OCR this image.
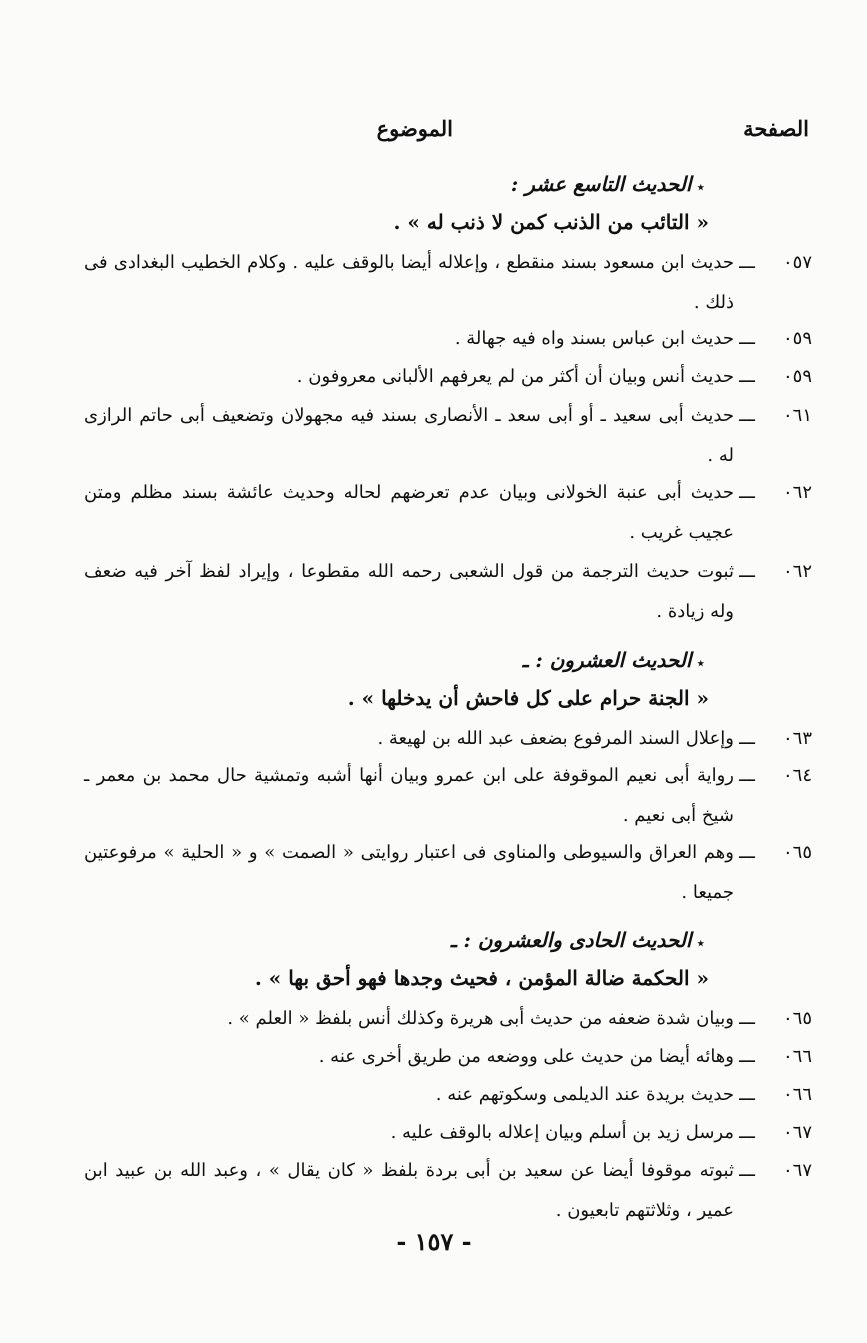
الصفحة
الموضوع
٭الحديث التاسع عشر :
« التائب من الذنب كمن لا ذنب له » .
٠٥٧
ـــ
حديث ابن مسعود بسند منقطع ، وإعلاله أيضا بالوقف عليه . وكلام الخطيب البغدادى فى ذلك .
٠٥٩
ـــ
حديث ابن عباس بسند واه فيه جهالة .
٠٥٩
ـــ
حديث أنس وبيان أن أكثر من لم يعرفهم الألبانى معروفون .
٠٦١
ـــ
حديث أبى سعيد ـ أو أبى سعد ـ الأنصارى بسند فيه مجهولان وتضعيف أبى حاتم الرازى له .
٠٦٢
ـــ
حديث أبى عنبة الخولانى وبيان عدم تعرضهم لحاله وحديث عائشة بسند مظلم ومتن عجيب غريب .
٠٦٢
ـــ
ثبوت حديث الترجمة من قول الشعبى رحمه الله مقطوعا ، وإيراد لفظ آخر فيه ضعف وله زيادة .
٭الحديث العشرون : ـ
« الجنة حرام على كل فاحش أن يدخلها » .
٠٦٣
ـــ
وإعلال السند المرفوع بضعف عبد الله بن لهيعة .
٠٦٤
ـــ
رواية أبى نعيم الموقوفة على ابن عمرو وبيان أنها أشبه وتمشية حال محمد بن معمر ـ شيخ أبى نعيم .
٠٦٥
ـــ
وهم العراق والسيوطى والمناوى فى اعتبار روايتى « الصمت » و « الحلية » مرفوعتين جميعا .
٭الحديث الحادى والعشرون : ـ
« الحكمة ضالة المؤمن ، فحيث وجدها فهو أحق بها » .
٠٦٥
ـــ
وبيان شدة ضعفه من حديث أبى هريرة وكذلك أنس بلفظ « العلم » .
٠٦٦
ـــ
وهائه أيضا من حديث على ووضعه من طريق أخرى عنه .
٠٦٦
ـــ
حديث بريدة عند الديلمى وسكوتهم عنه .
٠٦٧
ـــ
مرسل زيد بن أسلم وبيان إعلاله بالوقف عليه .
٠٦٧
ـــ
ثبوته موقوفا أيضا عن سعيد بن أبى بردة بلفظ « كان يقال » ، وعبد الله بن عبيد ابن عمير ، وثلاثتهم تابعيون .
- ١٥٧ -
